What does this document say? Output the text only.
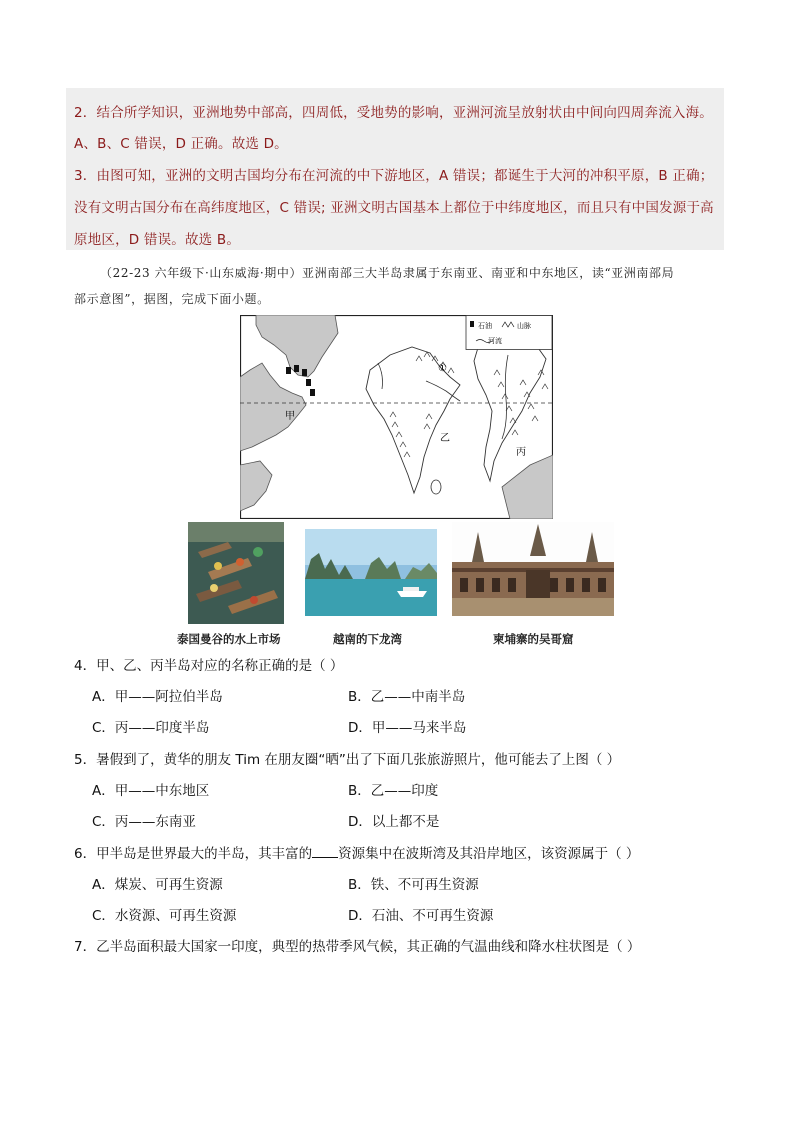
2．结合所学知识，亚洲地势中部高，四周低，受地势的影响，亚洲河流呈放射状由中间向四周奔流入海。
A、B、C 错误，D 正确。故选 D。
3．由图可知，亚洲的文明古国均分布在河流的中下游地区，A 错误；都诞生于大河的冲积平原，B 正确；
没有文明古国分布在高纬度地区，C 错误; 亚洲文明古国基本上都位于中纬度地区，而且只有中国发源于高
原地区，D 错误。故选 B。
（22-23 六年级下·山东威海·期中）亚洲南部三大半岛隶属于东南亚、南亚和中东地区，读“亚洲南部局
部示意图”，据图，完成下面小题。
石油	山脉
河流
甲
乙
丙
①
泰国曼谷的水上市场	越南的下龙湾	柬埔寨的吴哥窟
4．甲、乙、丙半岛对应的名称正确的是（ ）
A．甲——阿拉伯半岛	B．乙——中南半岛
C．丙——印度半岛	D．甲——马来半岛
5．暑假到了，黄华的朋友 Tim 在朋友圈“晒”出了下面几张旅游照片，他可能去了上图（ ）
A．甲——中东地区	B．乙——印度
C．丙——东南亚	D．以上都不是
6．甲半岛是世界最大的半岛，其丰富的 资源集中在波斯湾及其沿岸地区，该资源属于（ ）
A．煤炭、可再生资源	B．铁、不可再生资源
C．水资源、可再生资源	D．石油、不可再生资源
7．乙半岛面积最大国家一印度，典型的热带季风气候，其正确的气温曲线和降水柱状图是（ ）
